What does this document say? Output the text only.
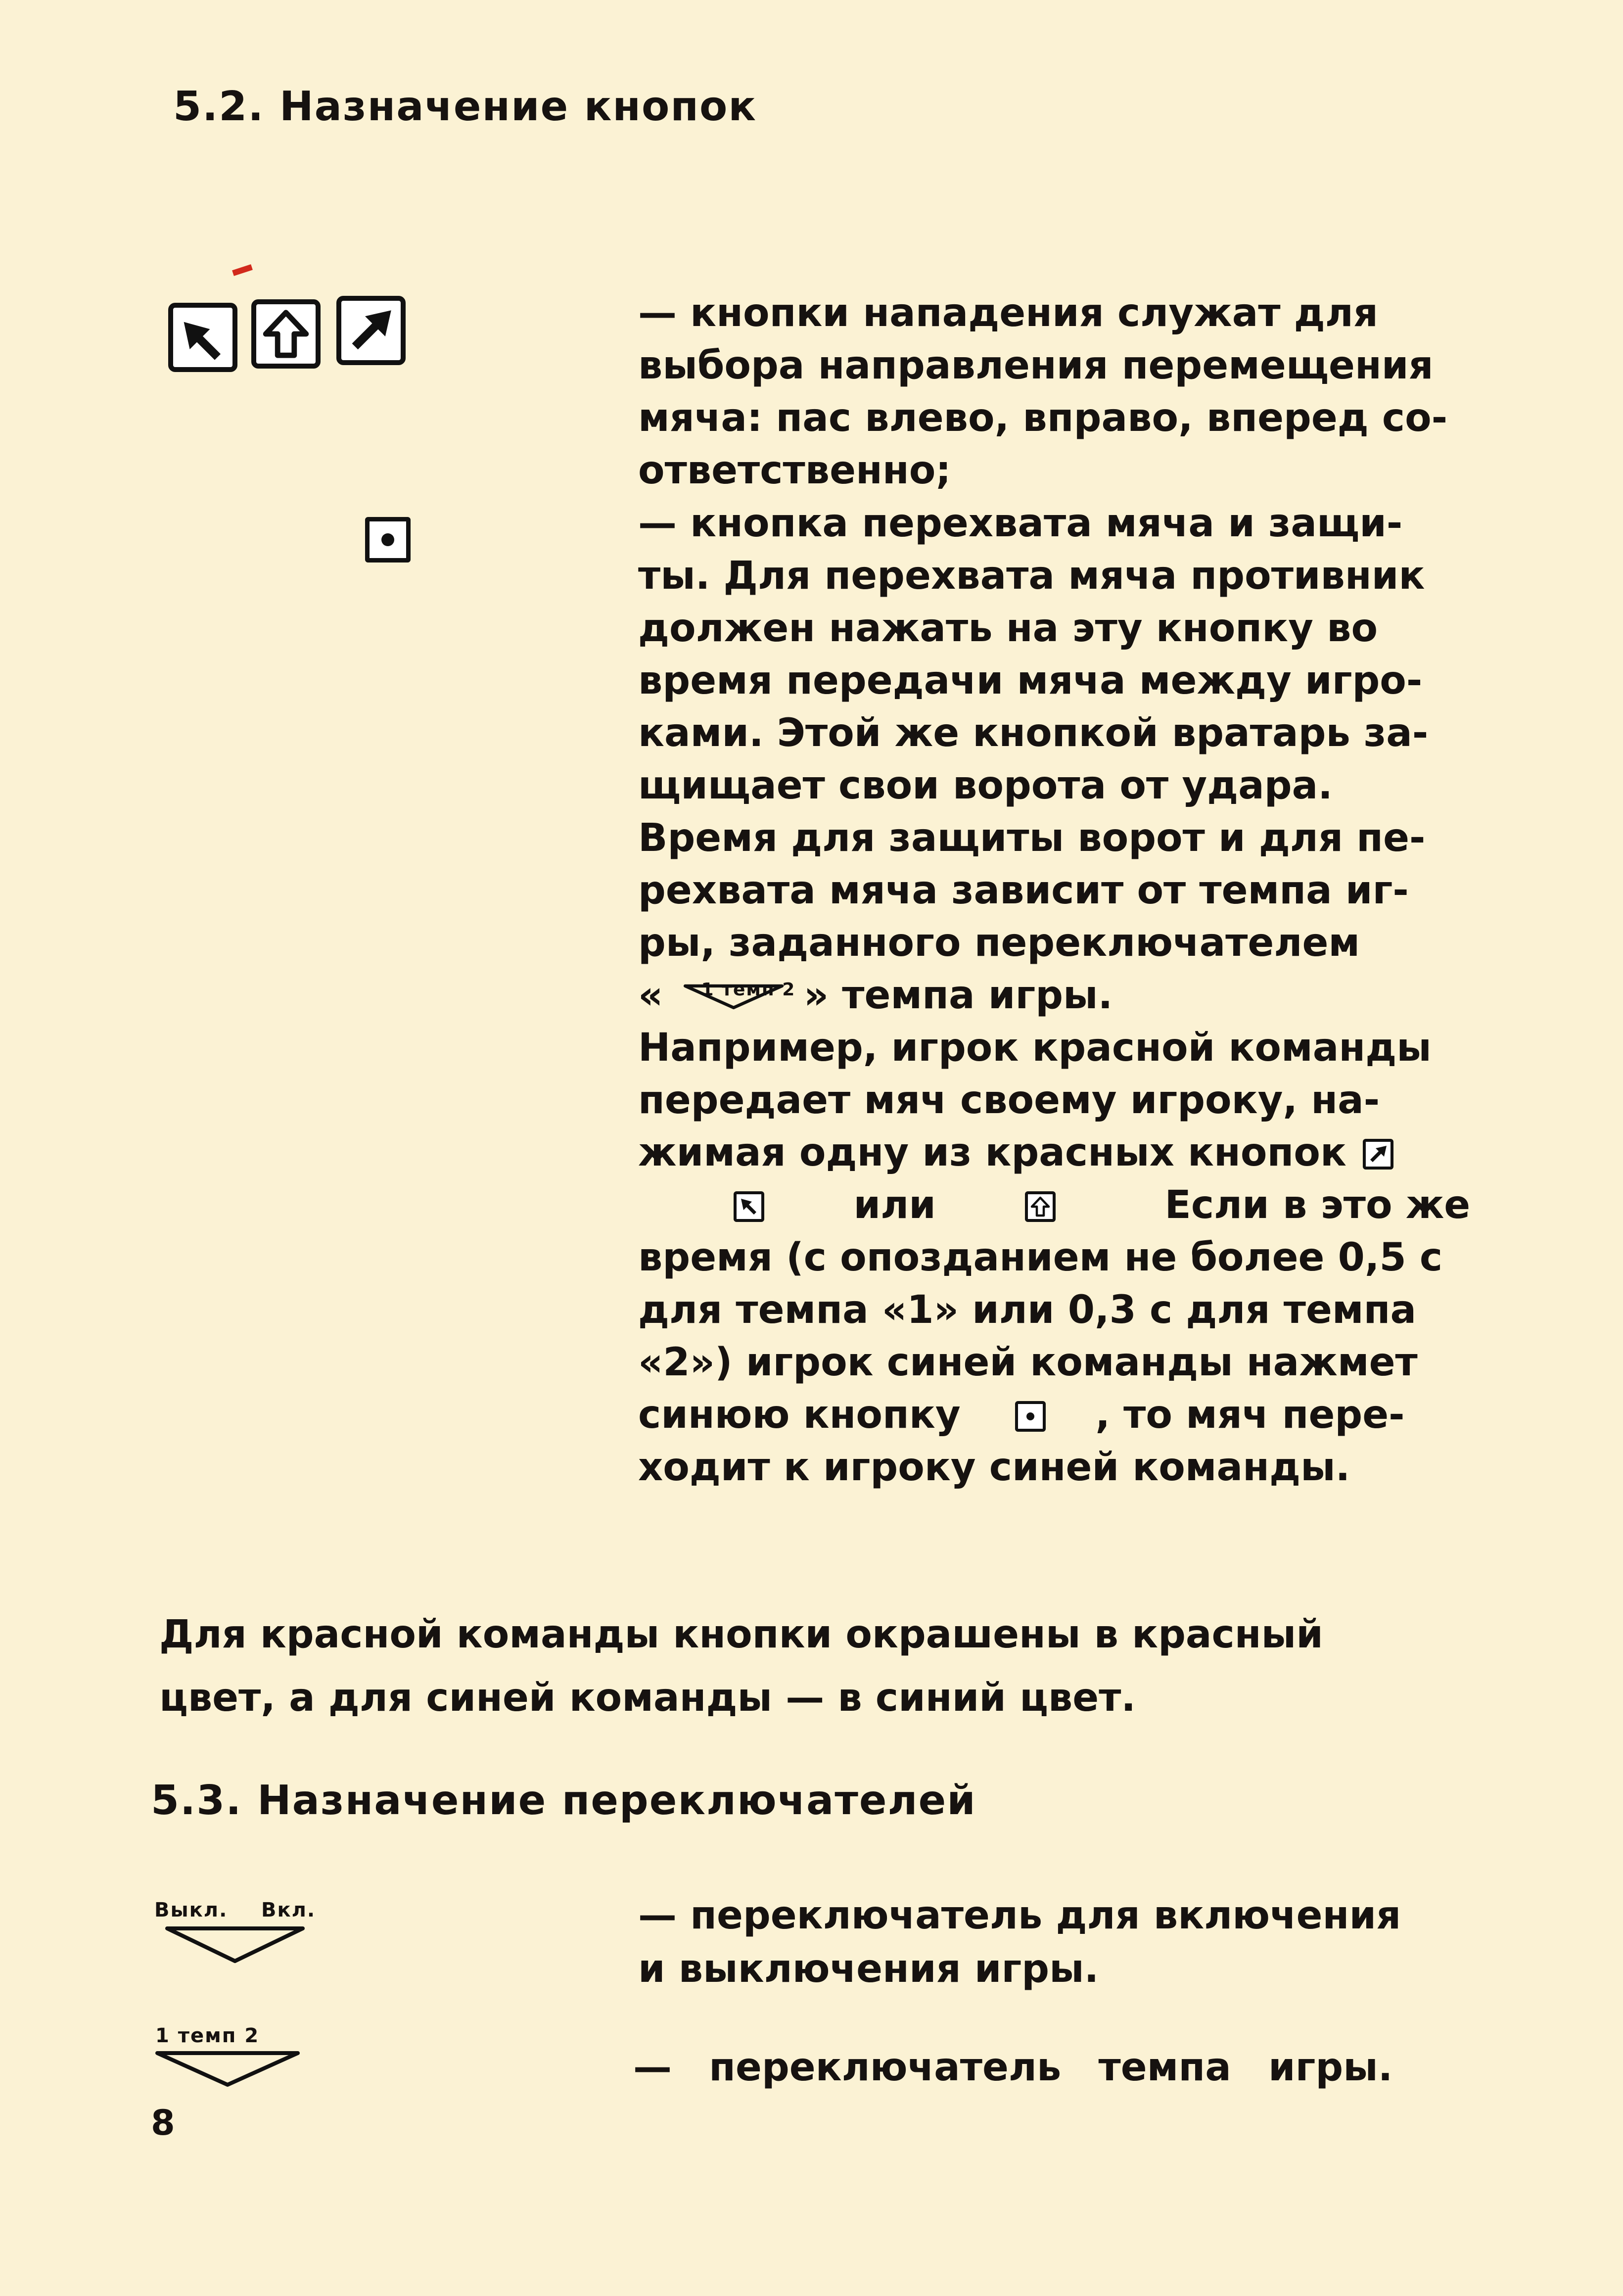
5.2. Назначение кнопок
— кнопки нападения служат для
выбора направления перемещения
мяча: пас влево, вправо, вперед со-
ответственно;
— кнопка перехвата мяча и защи-
ты. Для перехвата мяча противник
должен нажать на эту кнопку во
время передачи мяча между игро-
ками. Этой же кнопкой вратарь за-
щищает свои ворота от удара.
Время для защиты ворот и для пе-
рехвата мяча зависит от темпа иг-
ры, заданного переключателем
« 1 темп 2 » темпа игры.
Например, игрок красной команды
передает мяч своему игроку, на-
жимая одну из красных кнопок

или	Если в это же
время (с опозданием не более 0,5 с
для темпа «1» или 0,3 с для темпа
«2») игрок синей команды нажмет
синюю кнопку	, то мяч пере-
ходит к игроку синей команды.
Для красной команды кнопки окрашены в красный
цвет, а для синей команды — в синий цвет.
5.3. Назначение переключателей
Выкл. Вкл.	— переключатель для включения
и выключения игры.
1 темп 2
— переключатель темпа игры.
8
